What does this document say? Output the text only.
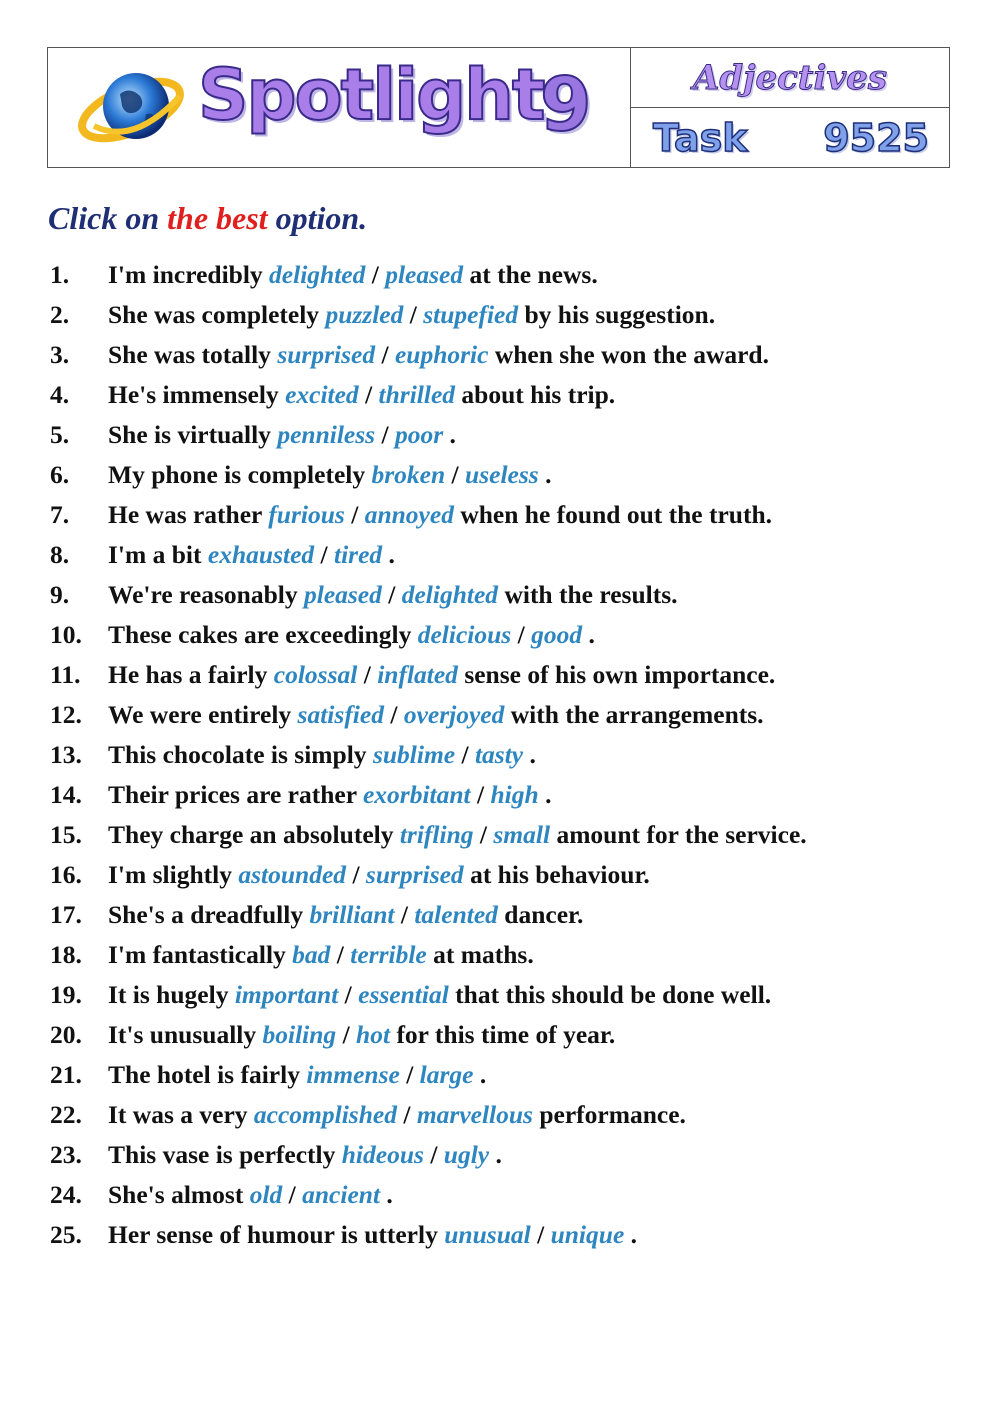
Spotlight
9	Adjectives
Task 9525
Click on the best option.
1.	I'm incredibly delighted / pleased at the news.
2.	She was completely puzzled / stupefied by his suggestion.
3.	She was totally surprised / euphoric when she won the award.
4.	He's immensely excited / thrilled about his trip.
5.	She is virtually penniless / poor .
6.	My phone is completely broken / useless .
7.	He was rather furious / annoyed when he found out the truth.
8.	I'm a bit exhausted / tired .
9.	We're reasonably pleased / delighted with the results.
10.	These cakes are exceedingly delicious / good .
11.	He has a fairly colossal / inflated sense of his own importance.
12.	We were entirely satisfied / overjoyed with the arrangements.
13.	This chocolate is simply sublime / tasty .
14.	Their prices are rather exorbitant / high .
15.	They charge an absolutely trifling / small amount for the service.
16.	I'm slightly astounded / surprised at his behaviour.
17.	She's a dreadfully brilliant / talented dancer.
18.	I'm fantastically bad / terrible at maths.
19.	It is hugely important / essential that this should be done well.
20.	It's unusually boiling / hot for this time of year.
21.	The hotel is fairly immense / large .
22.	It was a very accomplished / marvellous performance.
23.	This vase is perfectly hideous / ugly .
24.	She's almost old / ancient .
25.	Her sense of humour is utterly unusual / unique .
